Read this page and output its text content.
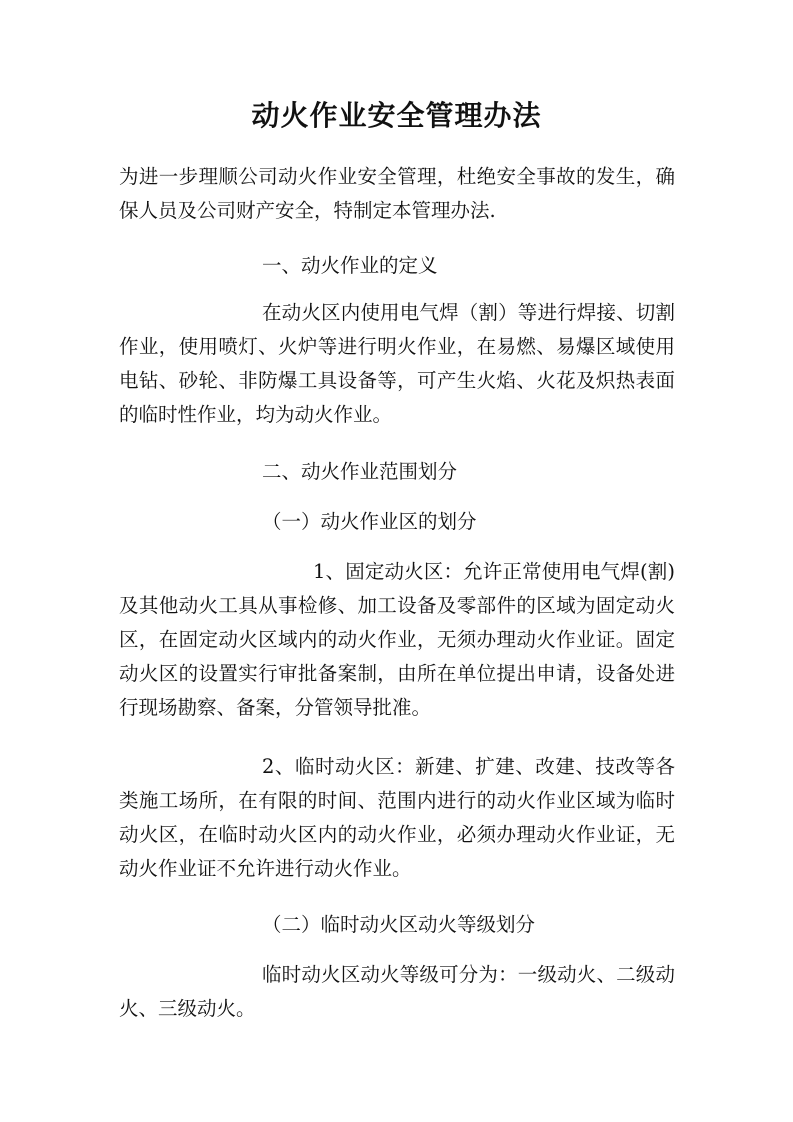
动火作业安全管理办法

为进一步理顺公司动火作业安全管理，杜绝安全事故的发生，确保人员及公司财产安全，特制定本管理办法.

一、动火作业的定义

在动火区内使用电气焊（割）等进行焊接、切割作业，使用喷灯、火炉等进行明火作业，在易燃、易爆区域使用电钻、砂轮、非防爆工具设备等，可产生火焰、火花及炽热表面的临时性作业，均为动火作业。

二、动火作业范围划分

（一）动火作业区的划分

1、固定动火区：允许正常使用电气焊(割)及其他动火工具从事检修、加工设备及零部件的区域为固定动火区，在固定动火区域内的动火作业，无须办理动火作业证。固定动火区的设置实行审批备案制，由所在单位提出申请，设备处进行现场勘察、备案，分管领导批准。

2、临时动火区：新建、扩建、改建、技改等各类施工场所，在有限的时间、范围内进行的动火作业区域为临时动火区，在临时动火区内的动火作业，必须办理动火作业证，无动火作业证不允许进行动火作业。

（二）临时动火区动火等级划分

临时动火区动火等级可分为：一级动火、二级动火、三级动火。
